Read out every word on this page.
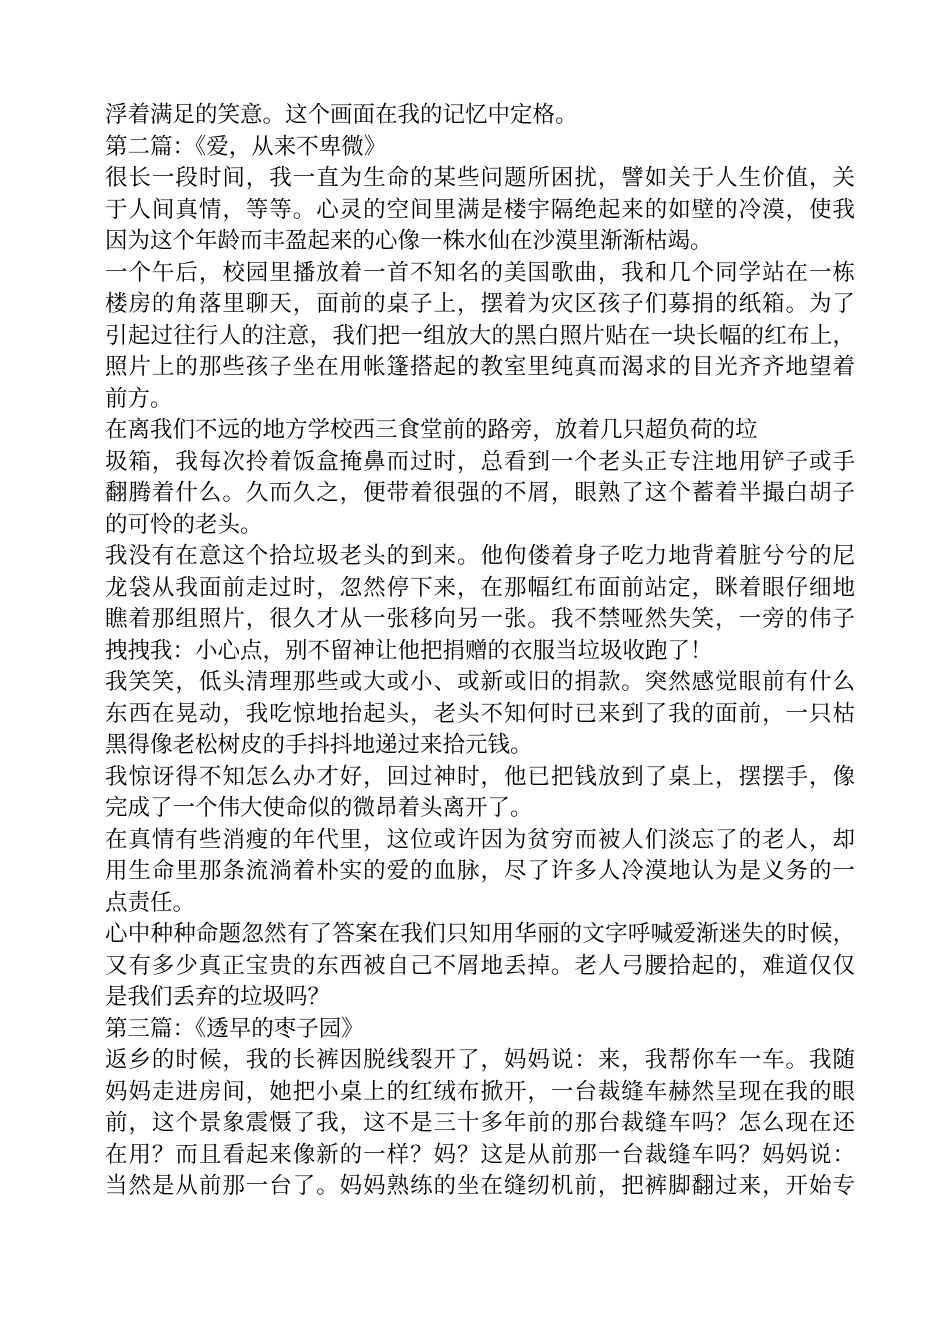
浮着满足的笑意。这个画面在我的记忆中定格。
第二篇：《爱，从来不卑微》
很长一段时间，我一直为生命的某些问题所困扰，譬如关于人生价值，关
于人间真情，等等。心灵的空间里满是楼宇隔绝起来的如壁的冷漠，使我
因为这个年龄而丰盈起来的心像一株水仙在沙漠里渐渐枯竭。
一个午后，校园里播放着一首不知名的美国歌曲，我和几个同学站在一栋
楼房的角落里聊天，面前的桌子上，摆着为灾区孩子们募捐的纸箱。为了
引起过往行人的注意，我们把一组放大的黑白照片贴在一块长幅的红布上，
照片上的那些孩子坐在用帐篷搭起的教室里纯真而渴求的目光齐齐地望着
前方。
在离我们不远的地方学校西三食堂前的路旁，放着几只超负荷的垃
圾箱，我每次拎着饭盒掩鼻而过时，总看到一个老头正专注地用铲子或手
翻腾着什么。久而久之，便带着很强的不屑，眼熟了这个蓄着半撮白胡子
的可怜的老头。
我没有在意这个拾垃圾老头的到来。他佝偻着身子吃力地背着脏兮兮的尼
龙袋从我面前走过时，忽然停下来，在那幅红布面前站定，眯着眼仔细地
瞧着那组照片，很久才从一张移向另一张。我不禁哑然失笑，一旁的伟子
拽拽我：小心点，别不留神让他把捐赠的衣服当垃圾收跑了！
我笑笑，低头清理那些或大或小、或新或旧的捐款。突然感觉眼前有什么
东西在晃动，我吃惊地抬起头，老头不知何时已来到了我的面前，一只枯
黑得像老松树皮的手抖抖地递过来拾元钱。
我惊讶得不知怎么办才好，回过神时，他已把钱放到了桌上，摆摆手，像
完成了一个伟大使命似的微昂着头离开了。
在真情有些消瘦的年代里，这位或许因为贫穷而被人们淡忘了的老人，却
用生命里那条流淌着朴实的爱的血脉，尽了许多人冷漠地认为是义务的一
点责任。
心中种种命题忽然有了答案在我们只知用华丽的文字呼喊爱渐迷失的时候，
又有多少真正宝贵的东西被自己不屑地丢掉。老人弓腰拾起的，难道仅仅
是我们丢弃的垃圾吗？
第三篇：《透早的枣子园》
返乡的时候，我的长裤因脱线裂开了，妈妈说：来，我帮你车一车。我随
妈妈走进房间，她把小桌上的红绒布掀开，一台裁缝车赫然呈现在我的眼
前，这个景象震慑了我，这不是三十多年前的那台裁缝车吗？怎么现在还
在用？而且看起来像新的一样？妈？这是从前那一台裁缝车吗？妈妈说：
当然是从前那一台了。妈妈熟练的坐在缝纫机前，把裤脚翻过来，开始专
